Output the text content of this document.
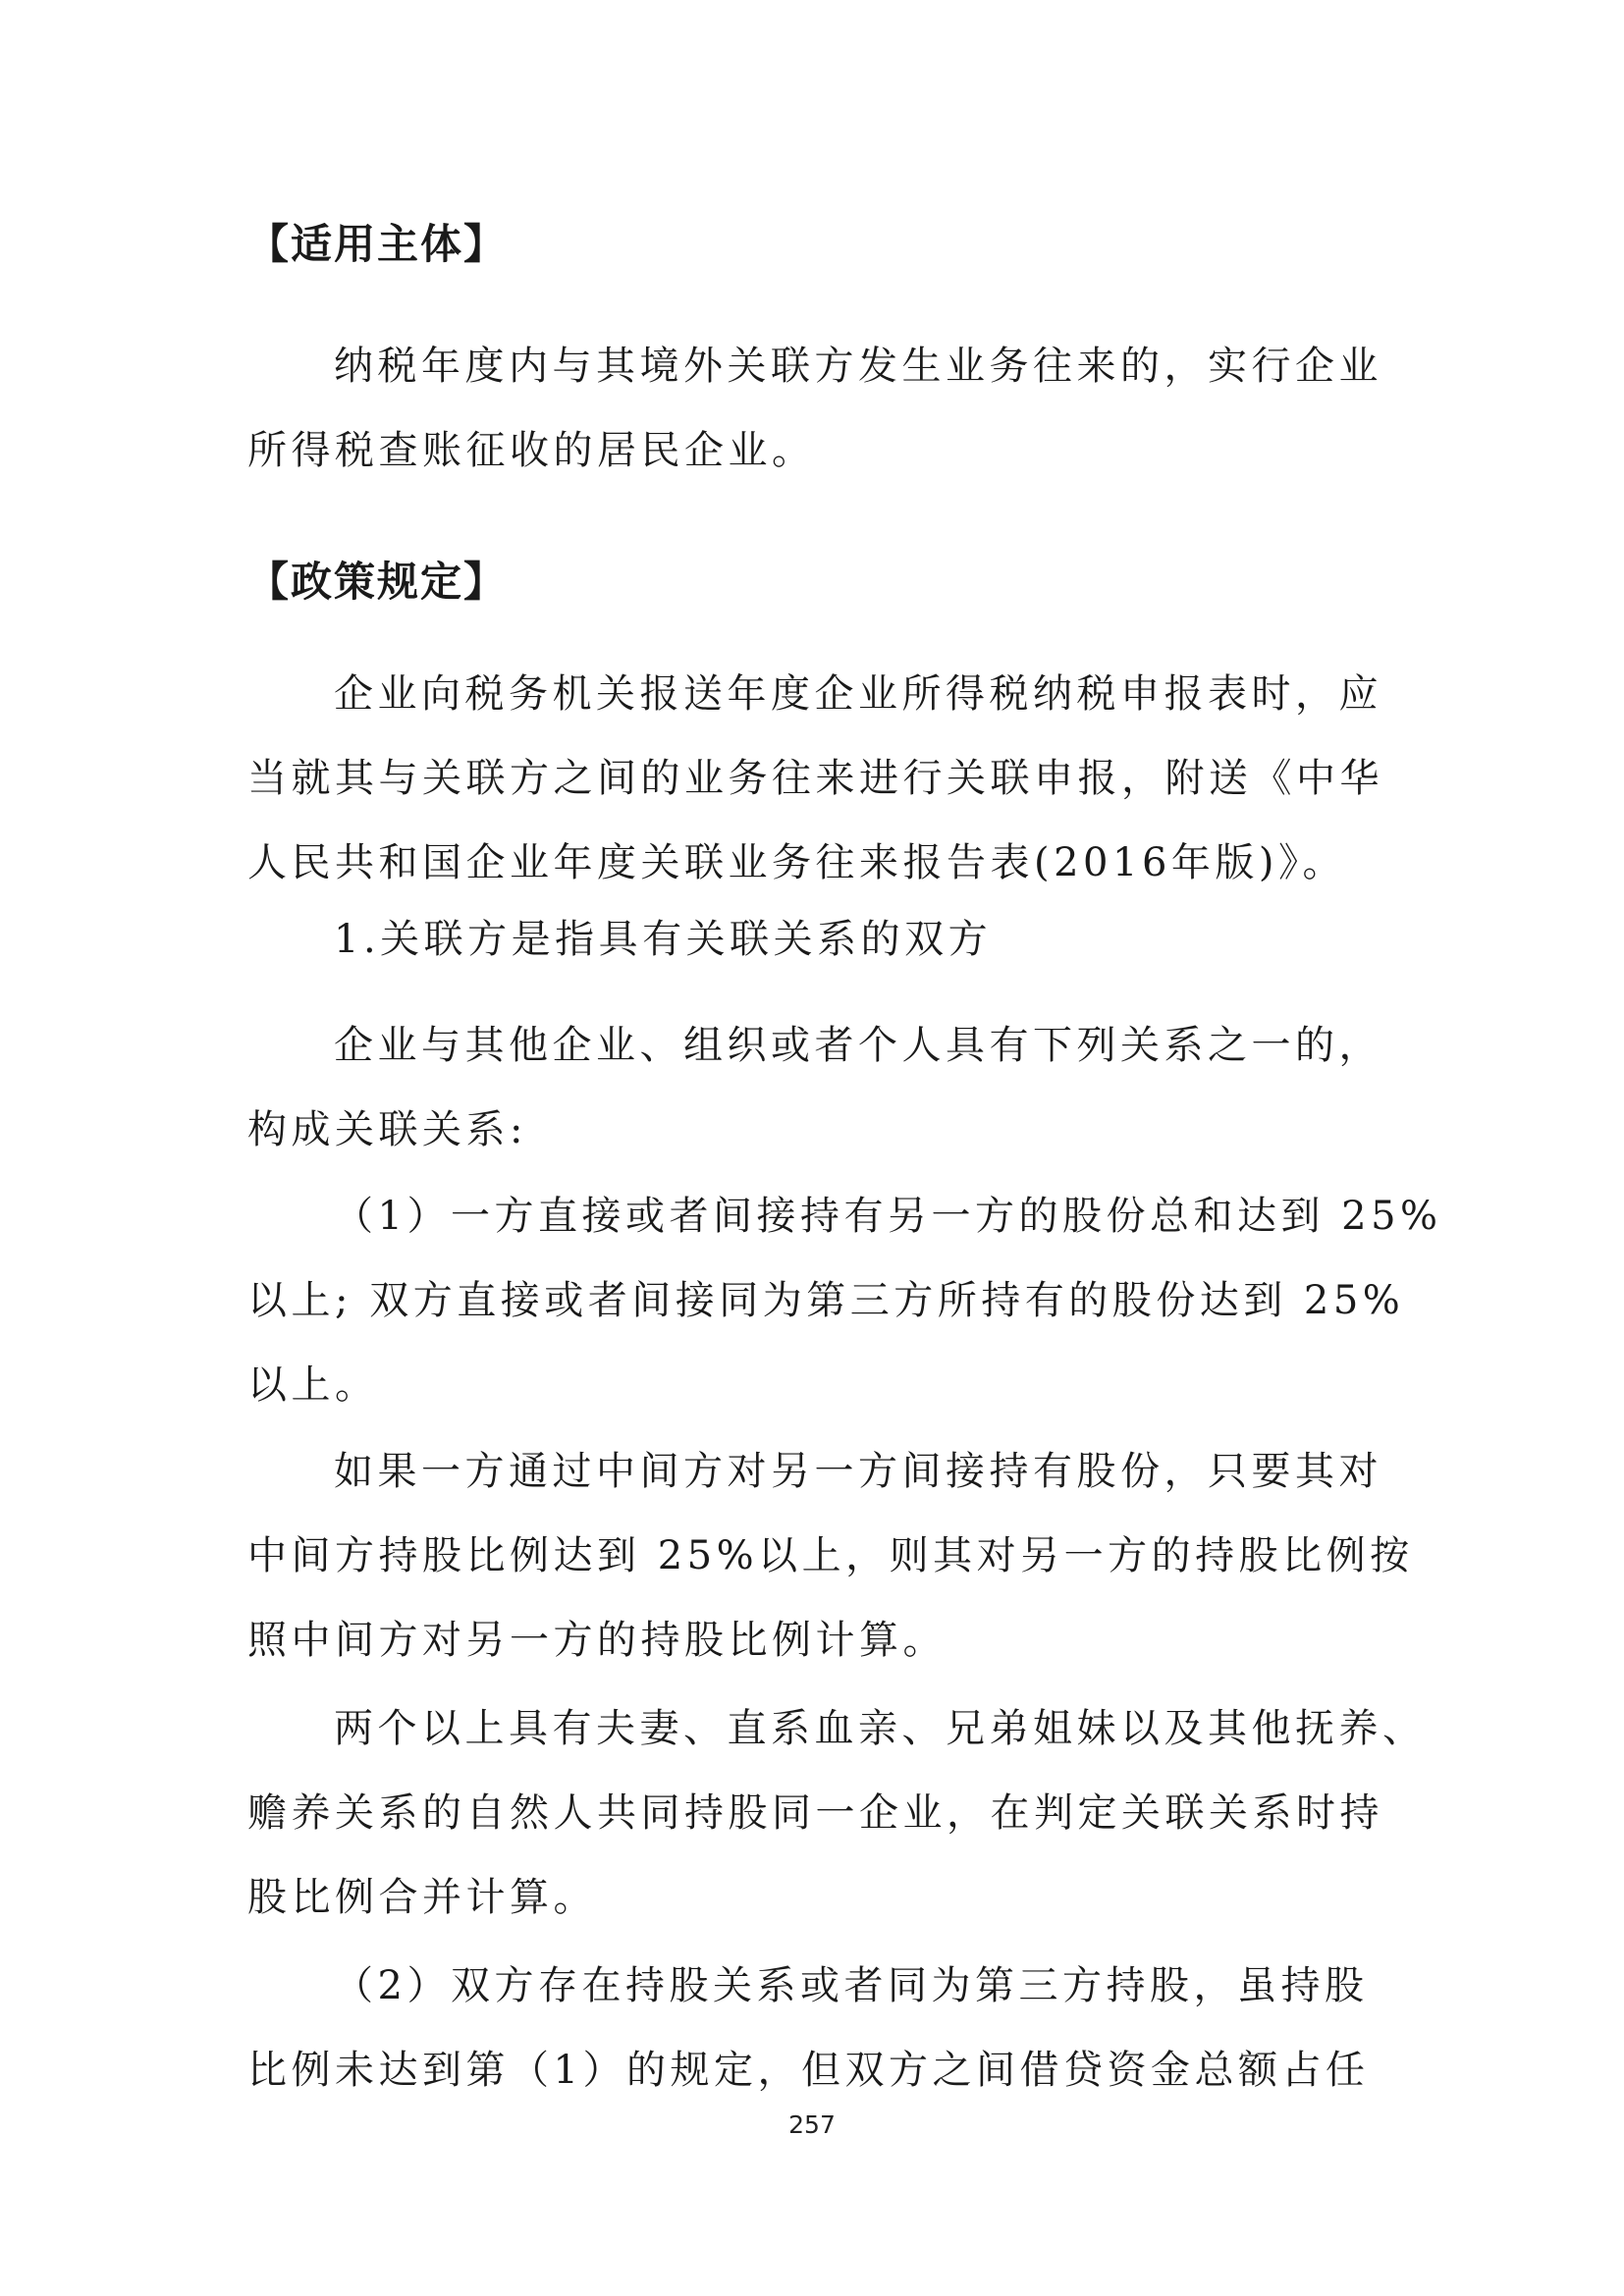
【适用主体】
纳税年度内与其境外关联方发生业务往来的，实行企业
所得税查账征收的居民企业。
【政策规定】
企业向税务机关报送年度企业所得税纳税申报表时，应
当就其与关联方之间的业务往来进行关联申报，附送《中华
人民共和国企业年度关联业务往来报告表(2016年版)》。
1.关联方是指具有关联关系的双方
企业与其他企业、组织或者个人具有下列关系之一的，
构成关联关系:
（1）一方直接或者间接持有另一方的股份总和达到 25%
以上; 双方直接或者间接同为第三方所持有的股份达到 25%
以上。
如果一方通过中间方对另一方间接持有股份，只要其对
中间方持股比例达到 25%以上，则其对另一方的持股比例按
照中间方对另一方的持股比例计算。
两个以上具有夫妻、直系血亲、兄弟姐妹以及其他抚养、
赡养关系的自然人共同持股同一企业，在判定关联关系时持
股比例合并计算。
（2）双方存在持股关系或者同为第三方持股，虽持股
比例未达到第（1）的规定，但双方之间借贷资金总额占任
257
